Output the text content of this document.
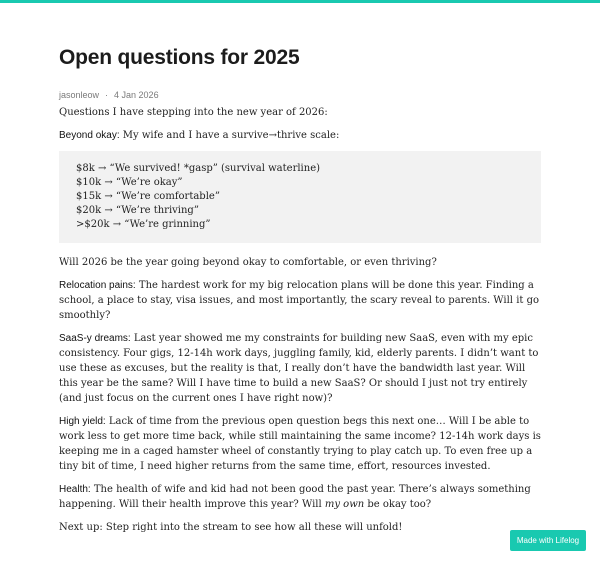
Open questions for 2025
jasonleow · 4 Jan 2026

Questions I have stepping into the new year of 2026:

Beyond okay: My wife and I have a survive→thrive scale:

$8k → “We survived! *gasp” (survival waterline)
$10k → “We’re okay”
$15k → “We’re comfortable”
$20k → “We’re thriving”
>$20k → “We’re grinning”

Will 2026 be the year going beyond okay to comfortable, or even thriving?

Relocation pains: The hardest work for my big relocation plans will be done this year. Finding a school, a place to stay, visa issues, and most importantly, the scary reveal to parents. Will it go smoothly?

SaaS-y dreams: Last year showed me my constraints for building new SaaS, even with my epic consistency. Four gigs, 12-14h work days, juggling family, kid, elderly parents. I didn’t want to use these as excuses, but the reality is that, I really don’t have the bandwidth last year. Will this year be the same? Will I have time to build a new SaaS? Or should I just not try entirely (and just focus on the current ones I have right now)?

High yield: Lack of time from the previous open question begs this next one… Will I be able to work less to get more time back, while still maintaining the same income? 12-14h work days is keeping me in a caged hamster wheel of constantly trying to play catch up. To even free up a tiny bit of time, I need higher returns from the same time, effort, resources invested.

Health: The health of wife and kid had not been good the past year. There’s always something happening. Will their health improve this year? Will my own be okay too?

Next up: Step right into the stream to see how all these will unfold!

Made with Lifelog
